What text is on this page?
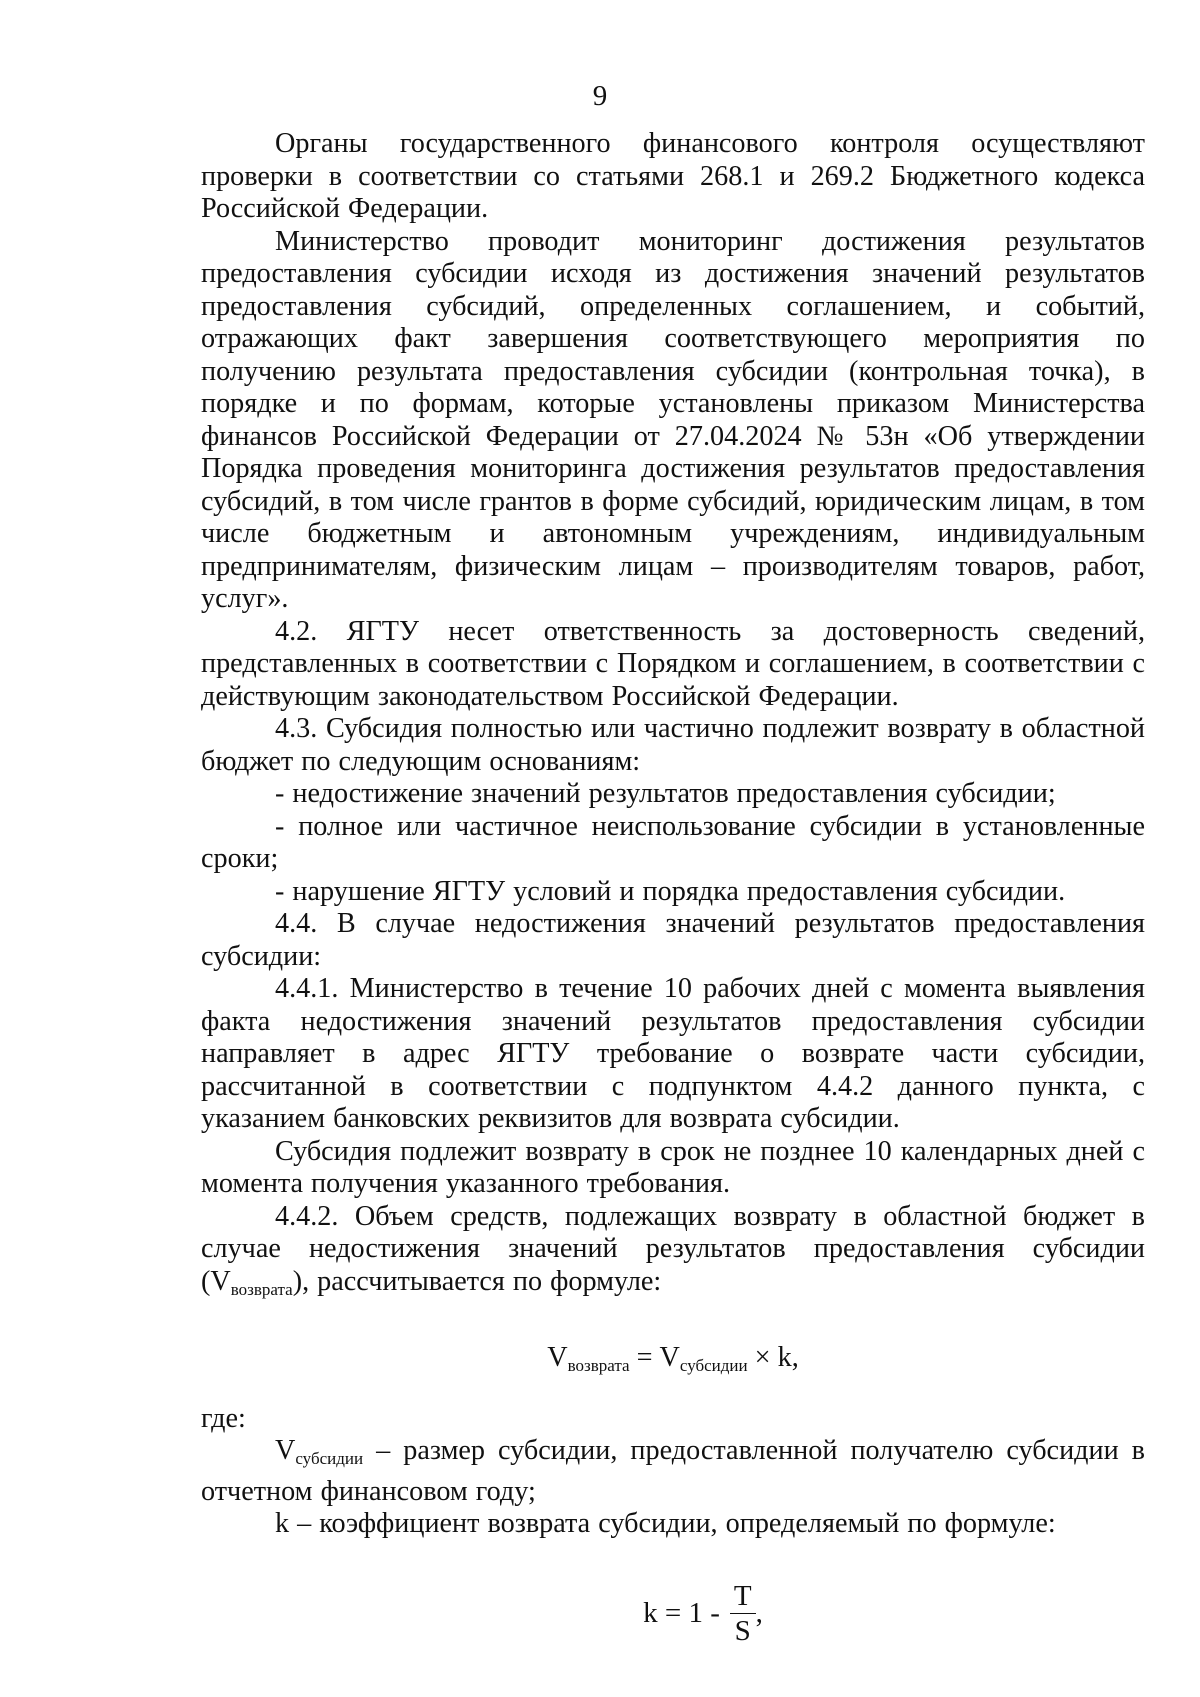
9

Органы государственного финансового контроля осуществляют проверки в соответствии со статьями 268.1 и 269.2 Бюджетного кодекса Российской Федерации.

Министерство проводит мониторинг достижения результатов предоставления субсидии исходя из достижения значений результатов предоставления субсидий, определенных соглашением, и событий, отражающих факт завершения соответствующего мероприятия по получению результата предоставления субсидии (контрольная точка), в порядке и по формам, которые установлены приказом Министерства финансов Российской Федерации от 27.04.2024 № 53н «Об утверждении Порядка проведения мониторинга достижения результатов предоставления субсидий, в том числе грантов в форме субсидий, юридическим лицам, в том числе бюджетным и автономным учреждениям, индивидуальным предпринимателям, физическим лицам – производителям товаров, работ, услуг».

4.2. ЯГТУ несет ответственность за достоверность сведений, представленных в соответствии с Порядком и соглашением, в соответствии с действующим законодательством Российской Федерации.

4.3. Субсидия полностью или частично подлежит возврату в областной бюджет по следующим основаниям:

- недостижение значений результатов предоставления субсидии;

- полное или частичное неиспользование субсидии в установленные сроки;

- нарушение ЯГТУ условий и порядка предоставления субсидии.

4.4. В случае недостижения значений результатов предоставления субсидии:

4.4.1. Министерство в течение 10 рабочих дней с момента выявления факта недостижения значений результатов предоставления субсидии направляет в адрес ЯГТУ требование о возврате части субсидии, рассчитанной в соответствии с подпунктом 4.4.2 данного пункта, с указанием банковских реквизитов для возврата субсидии.

Субсидия подлежит возврату в срок не позднее 10 календарных дней с момента получения указанного требования.

4.4.2. Объем средств, подлежащих возврату в областной бюджет в случае недостижения значений результатов предоставления субсидии $(V_{возврата})$, рассчитывается по формуле:

$V_{возврата} = V_{субсидии} \times k$,

где:

$V_{субсидии}$ – размер субсидии, предоставленной получателю субсидии в отчетном финансовом году;

k – коэффициент возврата субсидии, определяемый по формуле:

$k = 1 - \frac{T}{S}$ ,
